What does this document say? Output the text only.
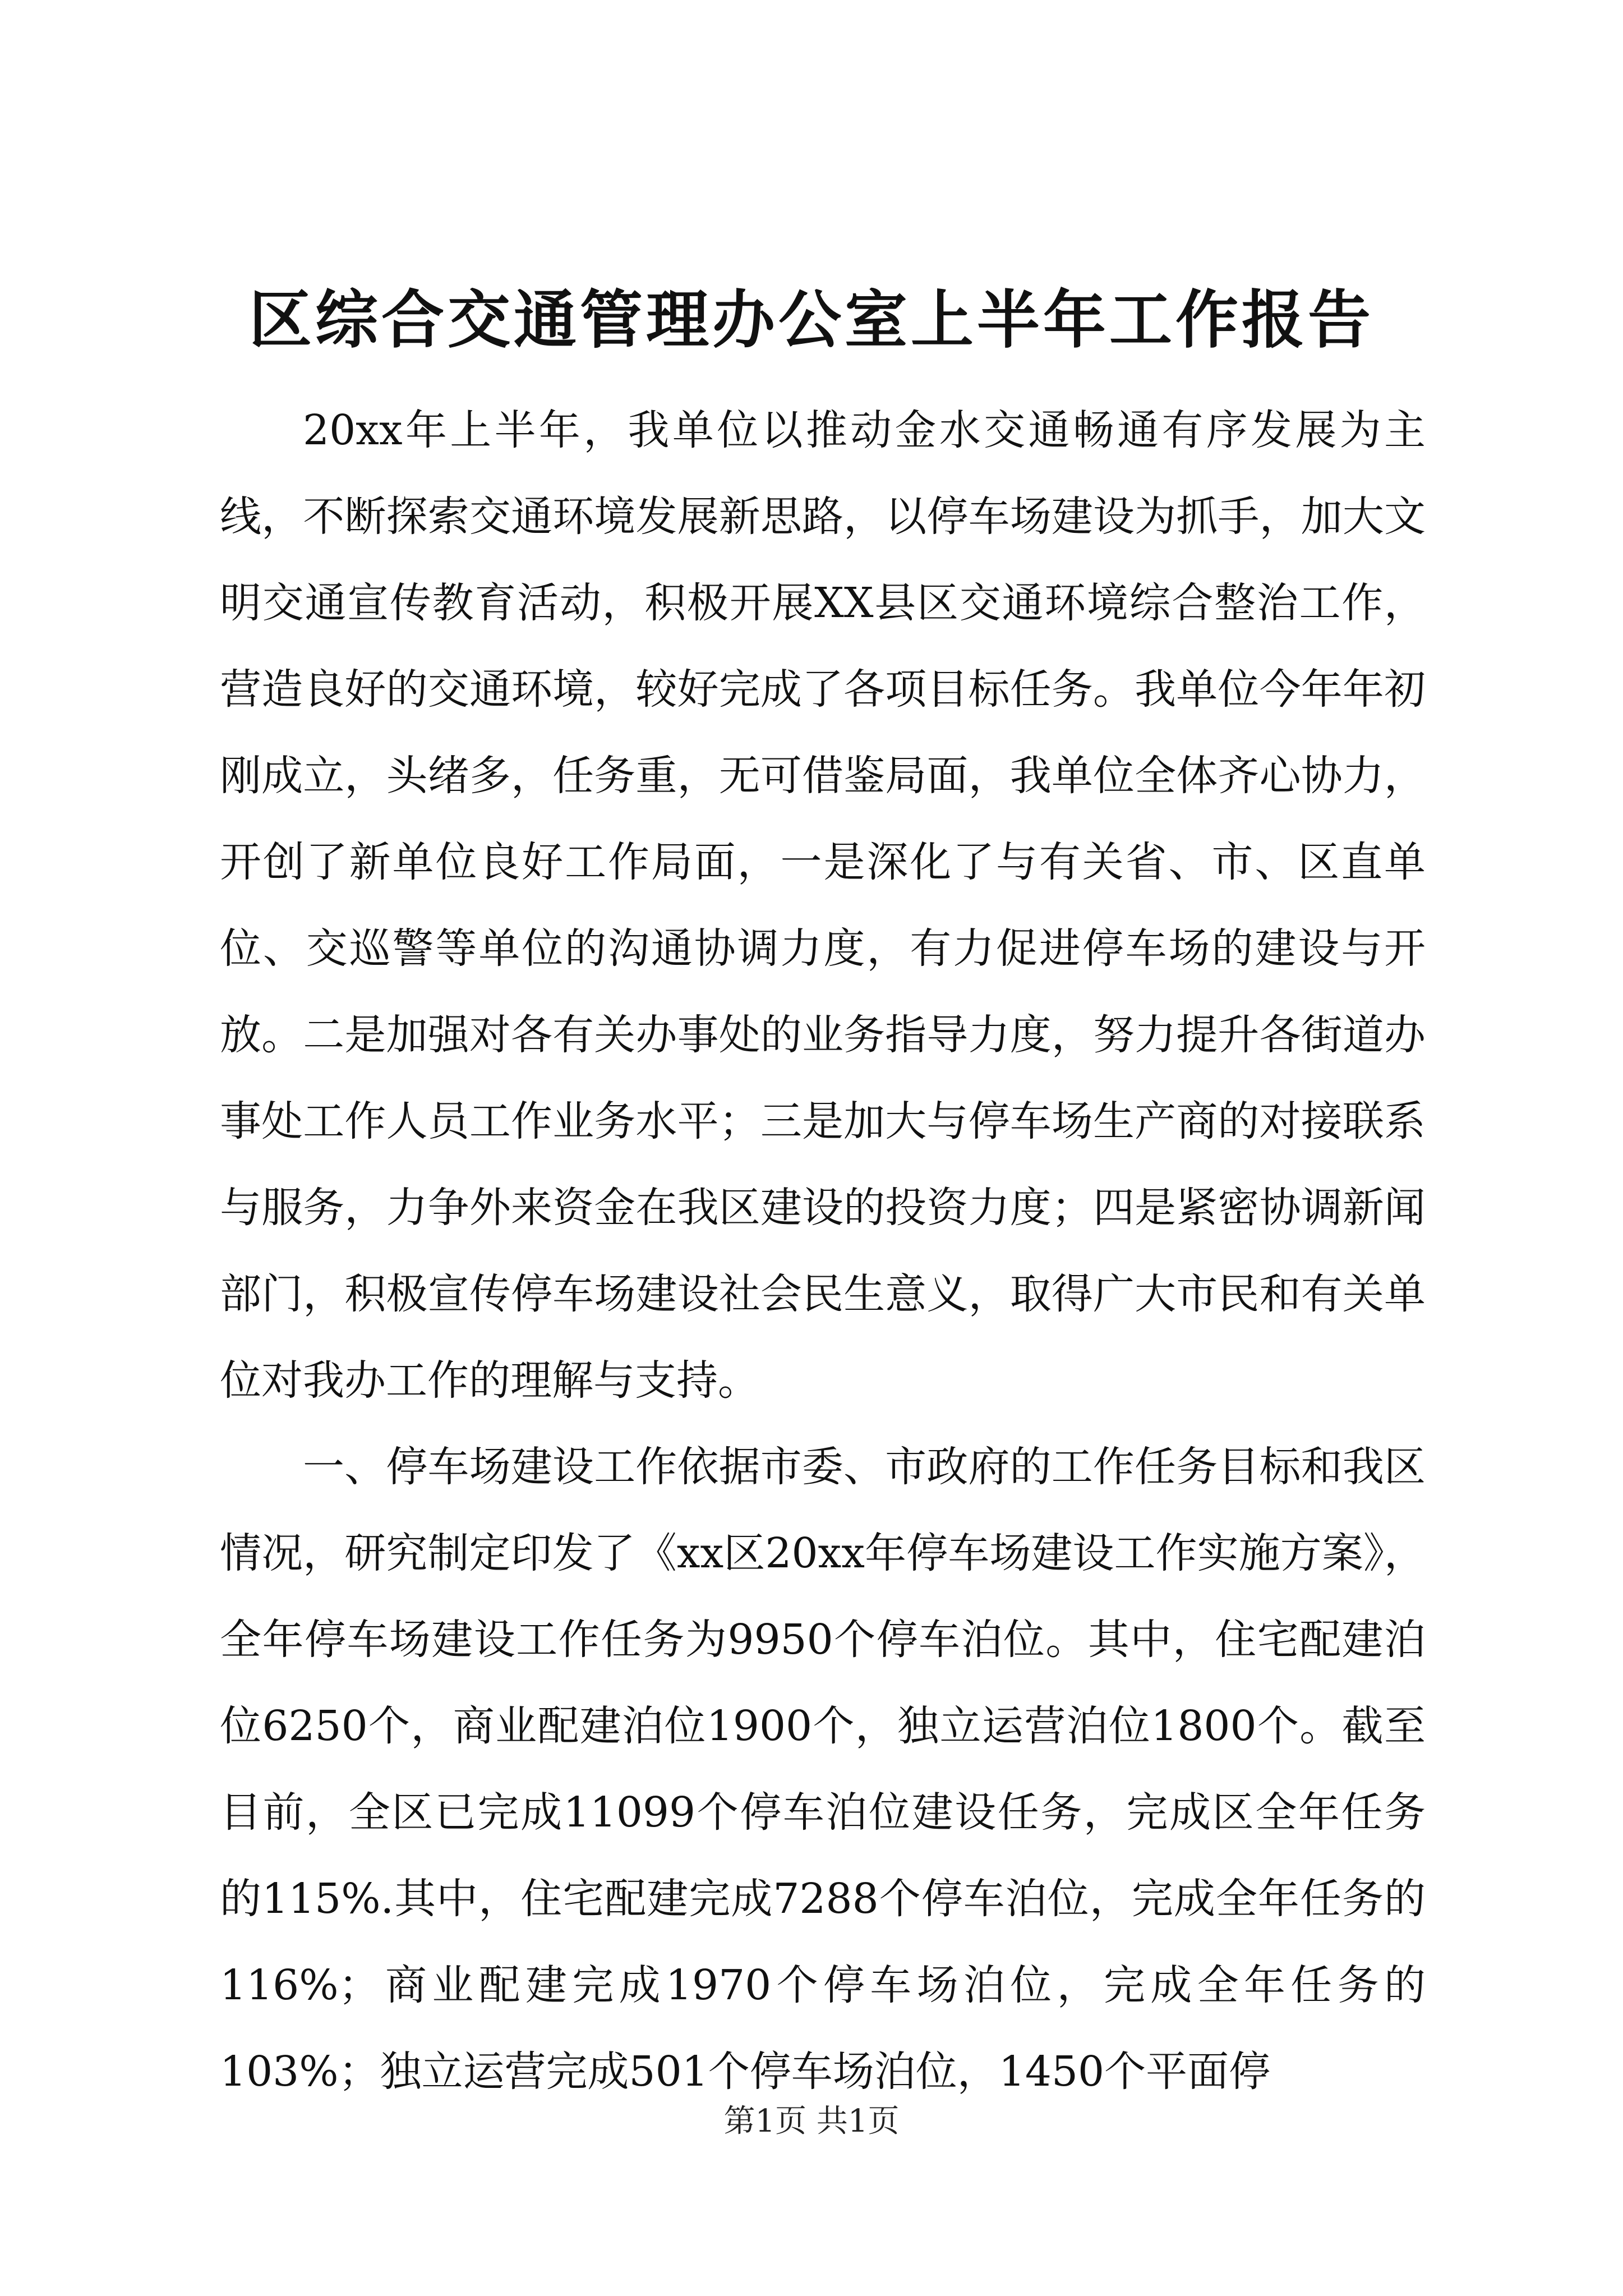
区综合交通管理办公室上半年工作报告

20xx年上半年，我单位以推动金水交通畅通有序发展为主线，不断探索交通环境发展新思路，以停车场建设为抓手，加大文明交通宣传教育活动，积极开展XX县区交通环境综合整治工作，营造良好的交通环境，较好完成了各项目标任务。我单位今年年初刚成立，头绪多，任务重，无可借鉴局面，我单位全体齐心协力，开创了新单位良好工作局面，一是深化了与有关省、市、区直单位、交巡警等单位的沟通协调力度，有力促进停车场的建设与开放。二是加强对各有关办事处的业务指导力度，努力提升各街道办事处工作人员工作业务水平；三是加大与停车场生产商的对接联系与服务，力争外来资金在我区建设的投资力度；四是紧密协调新闻部门，积极宣传停车场建设社会民生意义，取得广大市民和有关单位对我办工作的理解与支持。

一、停车场建设工作依据市委、市政府的工作任务目标和我区情况，研究制定印发了《xx区20xx年停车场建设工作实施方案》，全年停车场建设工作任务为9950个停车泊位。其中，住宅配建泊位6250个，商业配建泊位1900个，独立运营泊位1800个。截至目前，全区已完成11099个停车泊位建设任务，完成区全年任务的115%.其中，住宅配建完成7288个停车泊位，完成全年任务的116%；商业配建完成1970个停车场泊位，完成全年任务的103%；独立运营完成501个停车场泊位，1450个平面停

第1页 共1页
